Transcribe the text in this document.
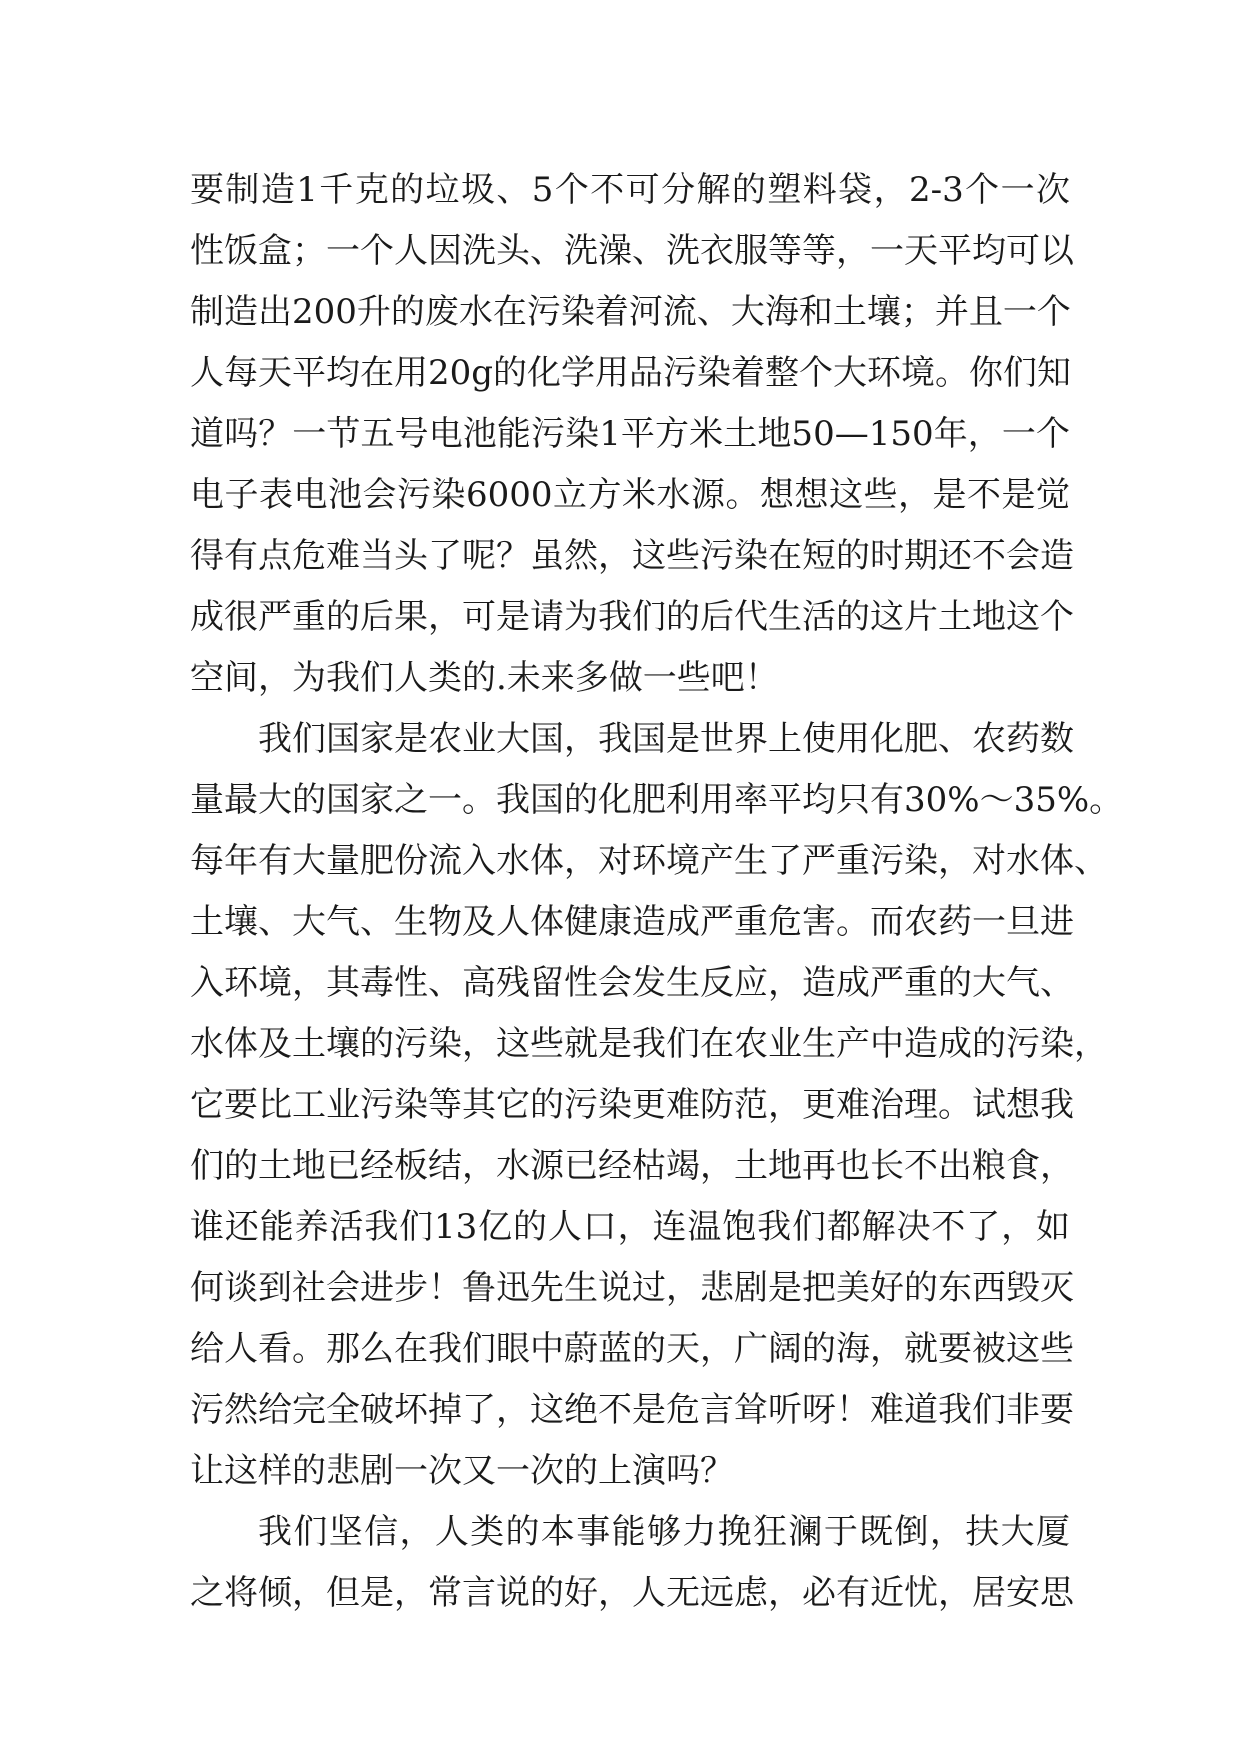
要制造1千克的垃圾、5个不可分解的塑料袋，2-3个一次
性饭盒；一个人因洗头、洗澡、洗衣服等等，一天平均可以
制造出200升的废水在污染着河流、大海和土壤；并且一个
人每天平均在用20g的化学用品污染着整个大环境。你们知
道吗？一节五号电池能污染1平方米土地50—150年，一个
电子表电池会污染6000立方米水源。想想这些，是不是觉
得有点危难当头了呢？虽然，这些污染在短的时期还不会造
成很严重的后果，可是请为我们的后代生活的这片土地这个
空间，为我们人类的.未来多做一些吧！
我们国家是农业大国，我国是世界上使用化肥、农药数
量最大的国家之一。我国的化肥利用率平均只有30%～35%。
每年有大量肥份流入水体，对环境产生了严重污染，对水体、
土壤、大气、生物及人体健康造成严重危害。而农药一旦进
入环境，其毒性、高残留性会发生反应，造成严重的大气、
水体及土壤的污染，这些就是我们在农业生产中造成的污染，
它要比工业污染等其它的污染更难防范，更难治理。试想我
们的土地已经板结，水源已经枯竭，土地再也长不出粮食，
谁还能养活我们13亿的人口，连温饱我们都解决不了，如
何谈到社会进步！鲁迅先生说过，悲剧是把美好的东西毁灭
给人看。那么在我们眼中蔚蓝的天，广阔的海，就要被这些
污然给完全破坏掉了，这绝不是危言耸听呀！难道我们非要
让这样的悲剧一次又一次的上演吗？
我们坚信，人类的本事能够力挽狂澜于既倒，扶大厦
之将倾，但是，常言说的好，人无远虑，必有近忧，居安思
